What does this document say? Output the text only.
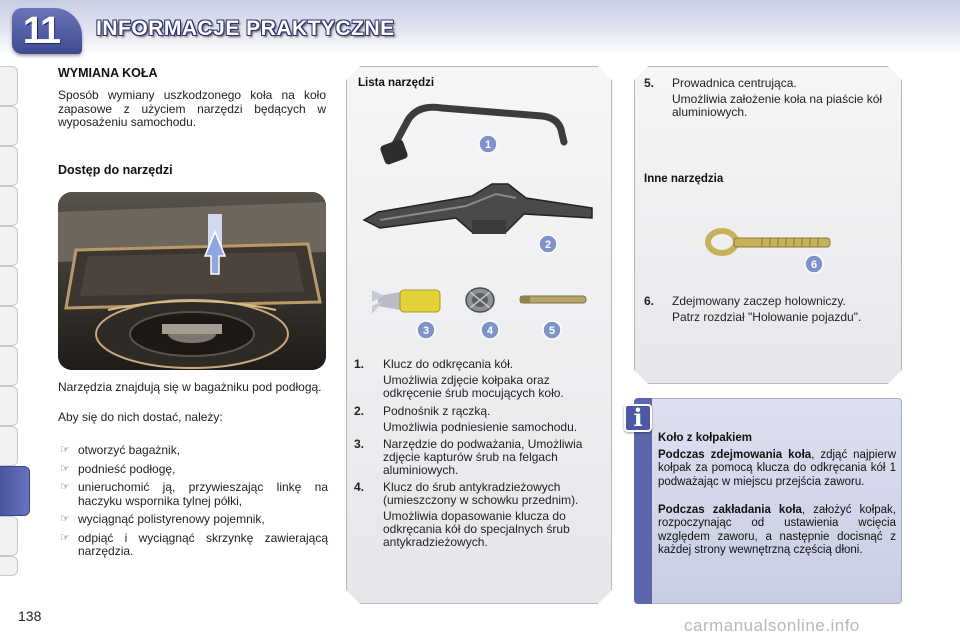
11	INFORMACJE PRAKTYCZNE
WYMIANA KOŁA
Sposób wymiany uszkodzonego koła na koło zapasowe z użyciem narzędzi będących w wyposażeniu samochodu.
Dostęp do narzędzi
Narzędzia znajdują się w bagażniku pod podłogą.
Aby się do nich dostać, należy:
☞ otworzyć bagażnik,
☞ podnieść podłogę,
☞ unieruchomić ją, przywieszając linkę na haczyku wspornika tylnej półki,
☞ wyciągnąć polistyrenowy pojemnik,
☞ odpiąć i wyciągnąć skrzynkę zawierającą narzędzia.
Lista narzędzi
1
2
3	4	5
1.	Klucz do odkręcania kół.
Umożliwia zdjęcie kołpaka oraz odkręcenie śrub mocujących koło.
2.	Podnośnik z rączką.
Umożliwia podniesienie samochodu.
3.	Narzędzie do podważania, Umożliwia zdjęcie kapturów śrub na felgach aluminiowych.
4.	Klucz do śrub antykradzieżowych (umieszczony w schowku przednim).
Umożliwia dopasowanie klucza do odkręcania kół do specjalnych śrub antykradzieżowych.
5.	Prowadnica centrująca.
Umożliwia założenie koła na piaście kół aluminiowych.
Inne narzędzia
6
6.	Zdejmowany zaczep holowniczy.
Patrz rozdział "Holowanie pojazdu".
i
Koło z kołpakiem
Podczas zdejmowania koła, zdjąć najpierw kołpak za pomocą klucza do odkręcania kół 1 podważając w miejscu przejścia zaworu.
Podczas zakładania koła, założyć kołpak, rozpoczynając od ustawienia wcięcia względem zaworu, a następnie docisnąć z każdej strony wewnętrzną częścią dłoni.
138	carmanualsonline.info
